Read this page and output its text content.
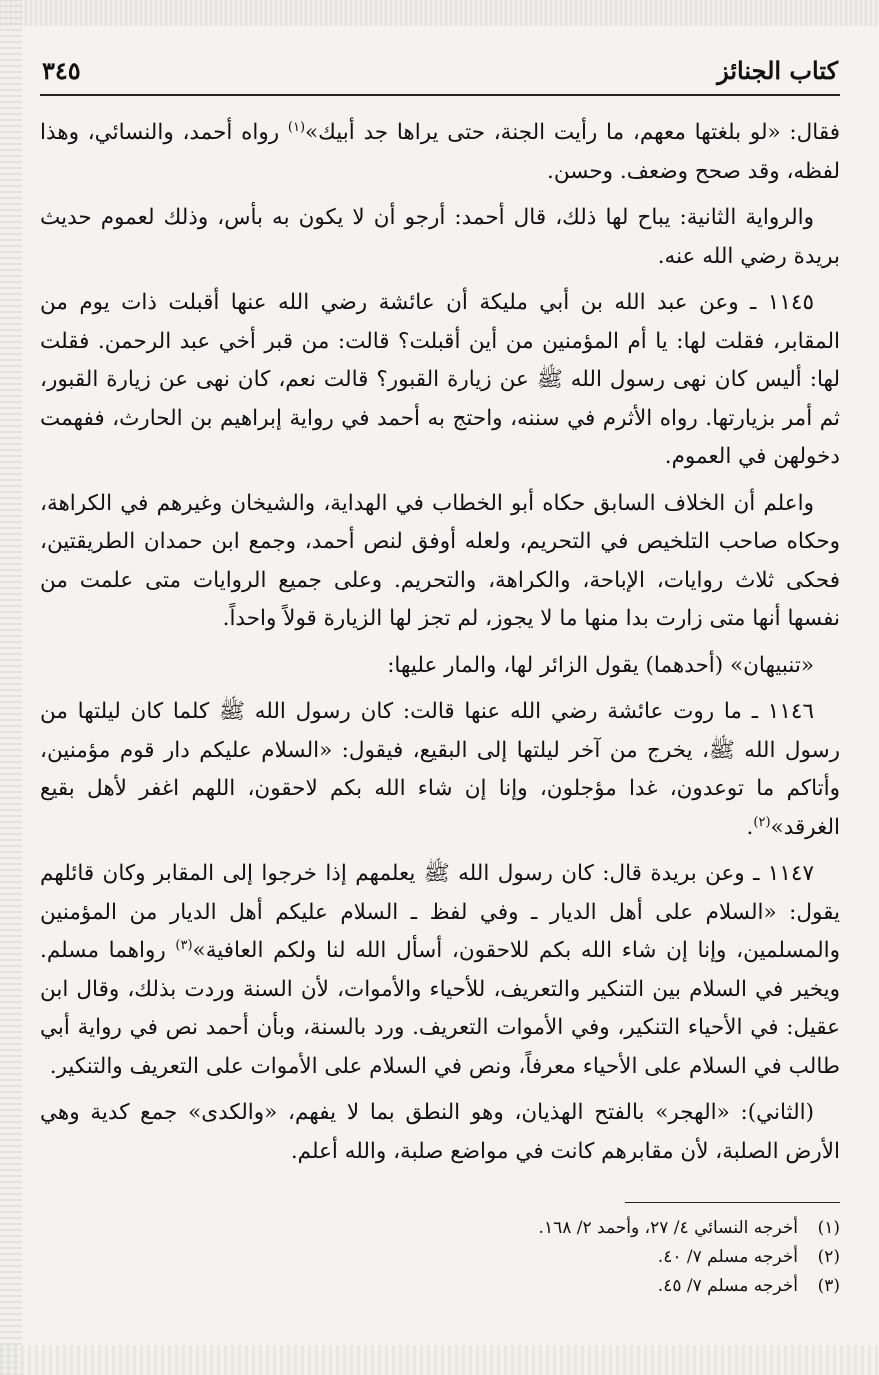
كتاب الجنائز
٣٤٥

فقال: «لو بلغتها معهم، ما رأيت الجنة، حتى يراها جد أبيك»$^{(١)}$ رواه أحمد، والنسائي، وهذا لفظه، وقد صحح وضعف. وحسن.

والرواية الثانية: يباح لها ذلك، قال أحمد: أرجو أن لا يكون به بأس، وذلك لعموم حديث بريدة رضي الله عنه.

١١٤٥ ـ وعن عبد الله بن أبي مليكة أن عائشة رضي الله عنها أقبلت ذات يوم من المقابر، فقلت لها: يا أم المؤمنين من أين أقبلت؟ قالت: من قبر أخي عبد الرحمن. فقلت لها: أليس كان نهى رسول الله ﷺ عن زيارة القبور؟ قالت نعم، كان نهى عن زيارة القبور، ثم أمر بزيارتها. رواه الأثرم في سننه، واحتج به أحمد في رواية إبراهيم بن الحارث، ففهمت دخولهن في العموم.

واعلم أن الخلاف السابق حكاه أبو الخطاب في الهداية، والشيخان وغيرهم في الكراهة، وحكاه صاحب التلخيص في التحريم، ولعله أوفق لنص أحمد، وجمع ابن حمدان الطريقتين، فحكى ثلاث روايات، الإباحة، والكراهة، والتحريم. وعلى جميع الروايات متى علمت من نفسها أنها متى زارت بدا منها ما لا يجوز، لم تجز لها الزيارة قولاً واحداً.

«تنبيهان» (أحدهما) يقول الزائر لها، والمار عليها:

١١٤٦ ـ ما روت عائشة رضي الله عنها قالت: كان رسول الله ﷺ كلما كان ليلتها من رسول الله ﷺ، يخرج من آخر ليلتها إلى البقيع، فيقول: «السلام عليكم دار قوم مؤمنين، وأتاكم ما توعدون، غدا مؤجلون، وإنا إن شاء الله بكم لاحقون، اللهم اغفر لأهل بقيع الغرقد»$^{(٢)}$.

١١٤٧ ـ وعن بريدة قال: كان رسول الله ﷺ يعلمهم إذا خرجوا إلى المقابر وكان قائلهم يقول: «السلام على أهل الديار ـ وفي لفظ ـ السلام عليكم أهل الديار من المؤمنين والمسلمين، وإنا إن شاء الله بكم للاحقون، أسأل الله لنا ولكم العافية»$^{(٣)}$ رواهما مسلم. ويخير في السلام بين التنكير والتعريف، للأحياء والأموات، لأن السنة وردت بذلك، وقال ابن عقيل: في الأحياء التنكير، وفي الأموات التعريف. ورد بالسنة، وبأن أحمد نص في رواية أبي طالب في السلام على الأحياء معرفاً، ونص في السلام على الأموات على التعريف والتنكير.

(الثاني): «الهجر» بالفتح الهذيان، وهو النطق بما لا يفهم، «والكدى» جمع كدية وهي الأرض الصلبة، لأن مقابرهم كانت في مواضع صلبة، والله أعلم.

(١)أخرجه النسائي ٤/ ٢٧، وأحمد ٢/ ١٦٨.
(٢)أخرجه مسلم ٧/ ٤٠.
(٣)أخرجه مسلم ٧/ ٤٥.
